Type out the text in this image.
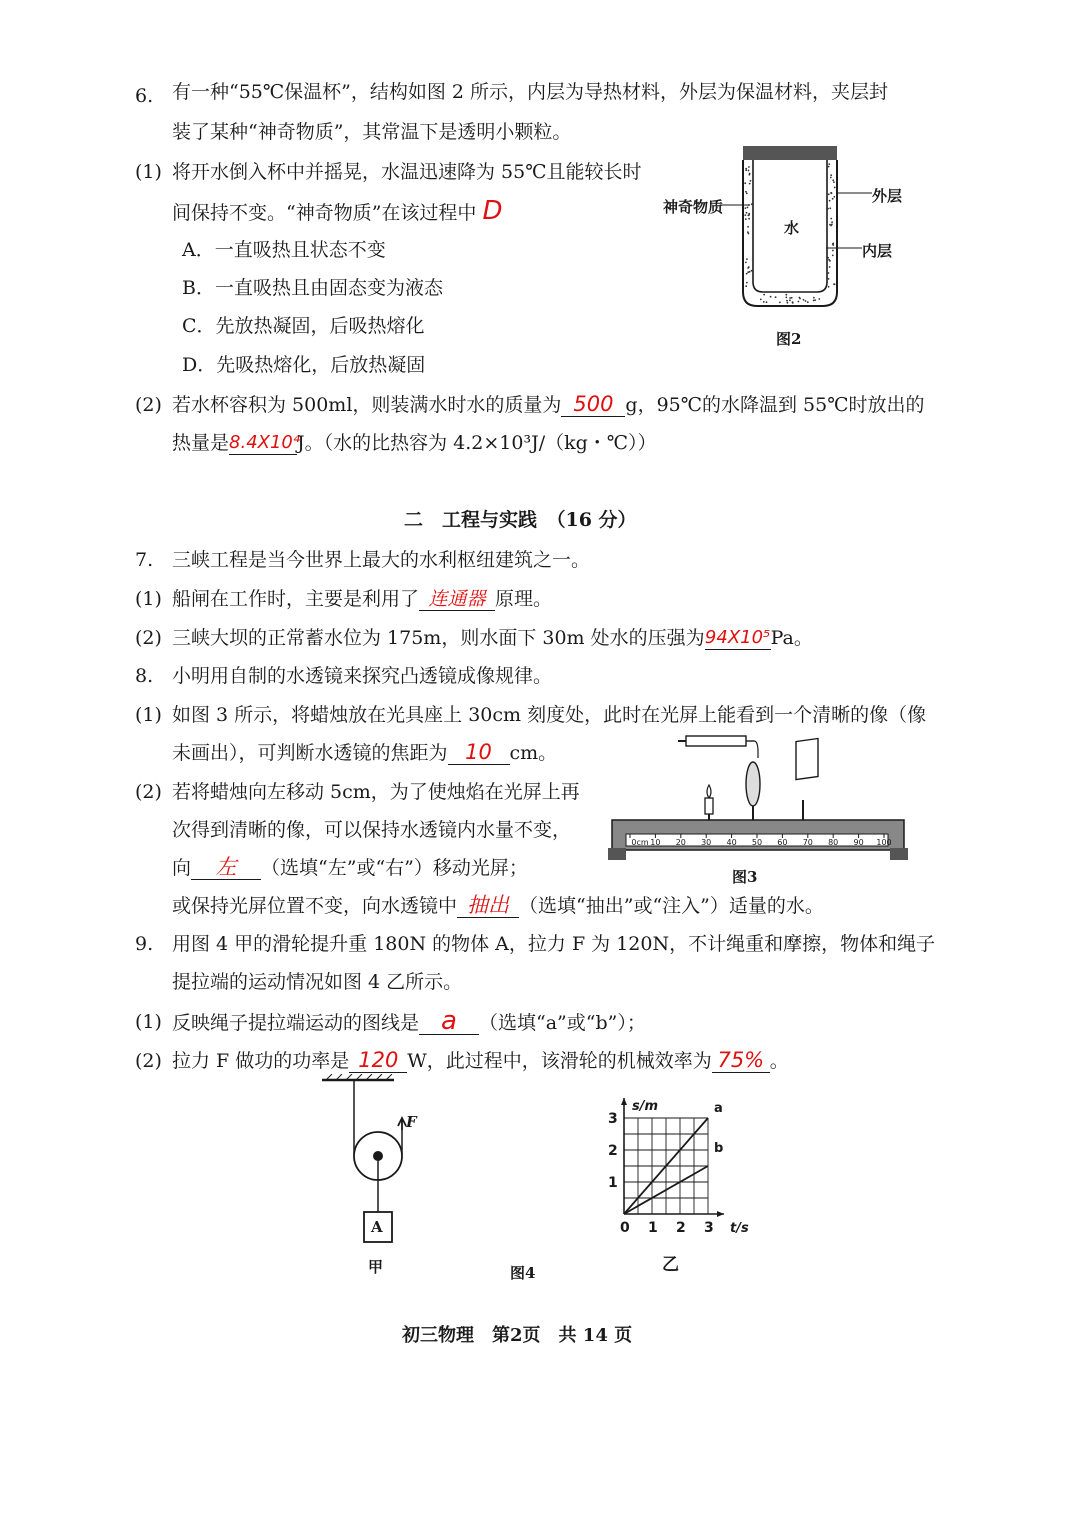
6. 有一种“55℃保温杯”，结构如图 2 所示，内层为导热材料，外层为保温材料，夹层封
装了某种“神奇物质”，其常温下是透明小颗粒。
(1) 将开水倒入杯中并摇晃，水温迅速降为 55℃且能较长时
间保持不变。“神奇物质”在该过程中 D
A．一直吸热且状态不变
B．一直吸热且由固态变为液态
C．先放热凝固，后吸热熔化
D．先吸热熔化，后放热凝固
(2) 若水杯容积为 500ml，则装满水时水的质量为 500 g，95℃的水降温到 55℃时放出的
热量是8.4X10⁴J。（水的比热容为 4.2×10³J/（kg・℃））
神奇物质
外层
内层
水
图2
二　工程与实践　（16 分）
7. 三峡工程是当今世界上最大的水利枢纽建筑之一。
(1) 船闸在工作时，主要是利用了 连通器 原理。
(2) 三峡大坝的正常蓄水位为 175m，则水面下 30m 处水的压强为94X10⁵Pa。
8. 小明用自制的水透镜来探究凸透镜成像规律。
(1) 如图 3 所示，将蜡烛放在光具座上 30cm 刻度处，此时在光屏上能看到一个清晰的像（像
未画出），可判断水透镜的焦距为 10 cm。
(2) 若将蜡烛向左移动 5cm，为了使烛焰在光屏上再
次得到清晰的像，可以保持水透镜内水量不变，
向 左 （选填“左”或“右”）移动光屏；
或保持光屏位置不变，向水透镜中 抽出 （选填“抽出”或“注入”）适量的水。
0cm 10 20 30 40 50 60 70 80 90 100
图3
9. 用图 4 甲的滑轮提升重 180N 的物体 A，拉力 F 为 120N，不计绳重和摩擦，物体和绳子
提拉端的运动情况如图 4 乙所示。
(1) 反映绳子提拉端运动的图线是 a （选填“a”或“b”）；
(2) 拉力 F 做功的功率是 120 W，此过程中，该滑轮的机械效率为 75% 。
F
A
甲	图4
1
2
3
0 1 2 3
s/m
t/s
a
b
乙
初三物理　第2页　共 14 页
